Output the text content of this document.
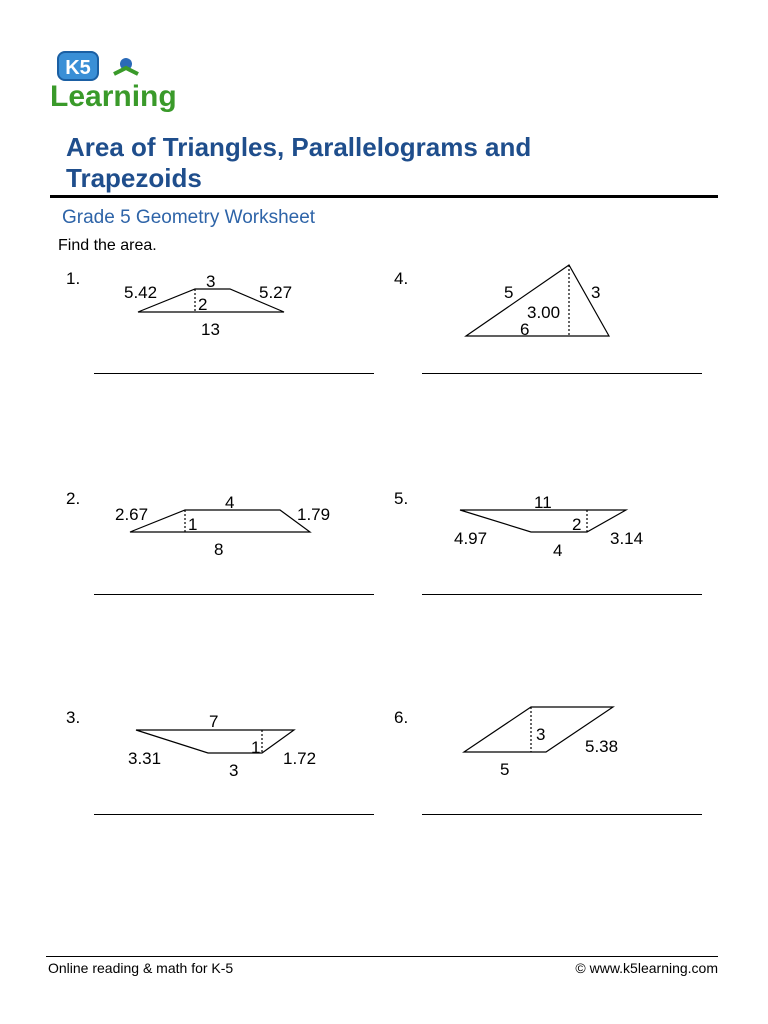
K5
Learning
Area of Triangles, Parallelograms and Trapezoids
Grade 5 Geometry Worksheet
Find the area.
1.
5.42
3
5.27
2
13
2.
2.67
4
1.79
1
8
3.	7
3.31
1
1.72
3
4.
5	3
3.00
6
5.	11
2
4.97	3.14
4
6.
3
5.38
5
Online reading & math for K-5	© www.k5learning.com
